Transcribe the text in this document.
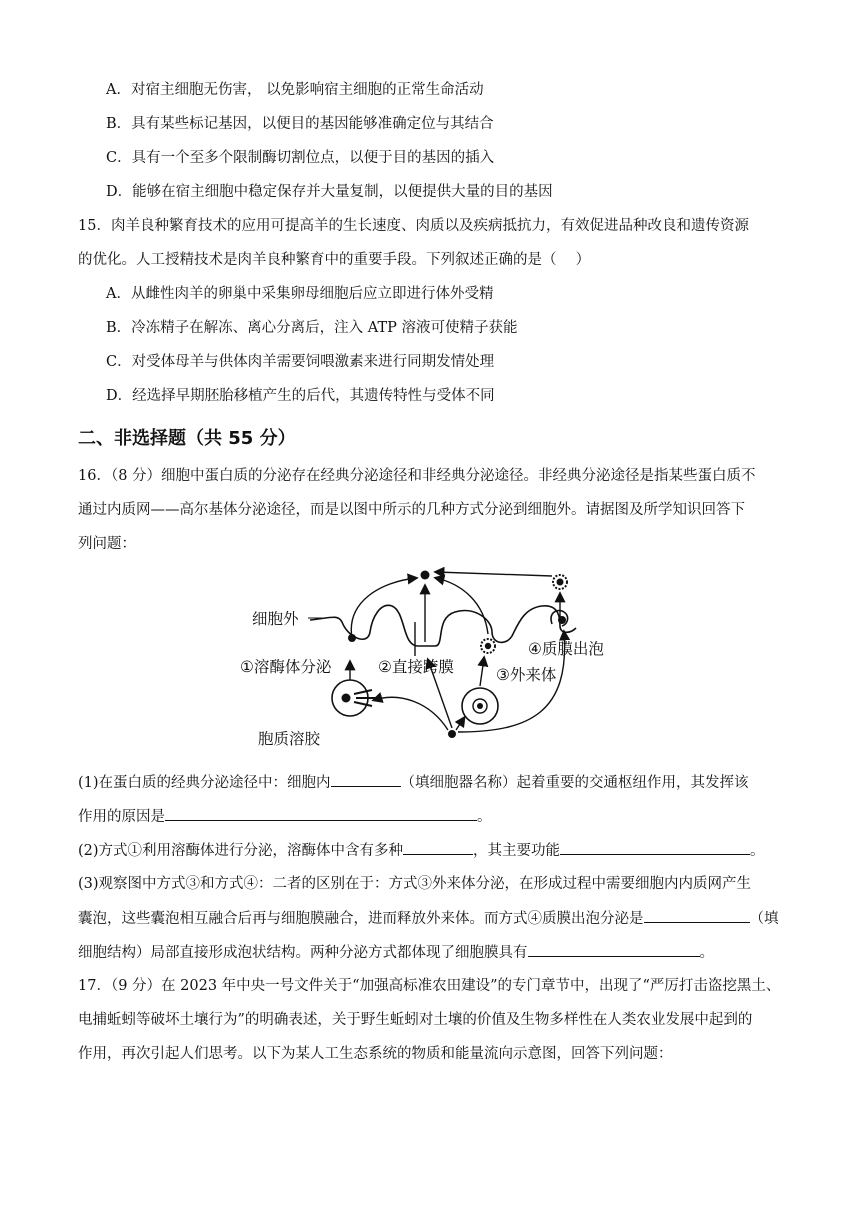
A．对宿主细胞无伤害， 以免影响宿主细胞的正常生命活动
B．具有某些标记基因，以便目的基因能够准确定位与其结合
C．具有一个至多个限制酶切割位点，以便于目的基因的插入
D．能够在宿主细胞中稳定保存并大量复制，以便提供大量的目的基因
15．肉羊良种繁育技术的应用可提高羊的生长速度、肉质以及疾病抵抗力，有效促进品种改良和遗传资源
的优化。人工授精技术是肉羊良种繁育中的重要手段。下列叙述正确的是（　 ）
A．从雌性肉羊的卵巢中采集卵母细胞后应立即进行体外受精
B．冷冻精子在解冻、离心分离后，注入 ATP 溶液可使精子获能
C．对受体母羊与供体肉羊需要饲喂激素来进行同期发情处理
D．经选择早期胚胎移植产生的后代，其遗传特性与受体不同
二、非选择题（共 55 分）
16．（8 分）细胞中蛋白质的分泌存在经典分泌途径和非经典分泌途径。非经典分泌途径是指某些蛋白质不
通过内质网——高尔基体分泌途径，而是以图中所示的几种方式分泌到细胞外。请据图及所学知识回答下
列问题：
细胞外
①溶酶体分泌	②直接跨膜	③外来体
④质膜出泡
胞质溶胶
(1)在蛋白质的经典分泌途径中：细胞内	（填细胞器名称）起着重要的交通枢纽作用，其发挥该
作用的原因是	。
(2)方式①利用溶酶体进行分泌，溶酶体中含有多种	，其主要功能	。
(3)观察图中方式③和方式④：二者的区别在于：方式③外来体分泌，在形成过程中需要细胞内内质网产生
囊泡，这些囊泡相互融合后再与细胞膜融合，进而释放外来体。而方式④质膜出泡分泌是	（填
细胞结构）局部直接形成泡状结构。两种分泌方式都体现了细胞膜具有	。
17．（9 分）在 2023 年中央一号文件关于“加强高标准农田建设”的专门章节中，出现了“严厉打击盗挖黑土、
电捕蚯蚓等破坏土壤行为”的明确表述，关于野生蚯蚓对土壤的价值及生物多样性在人类农业发展中起到的
作用，再次引起人们思考。以下为某人工生态系统的物质和能量流向示意图，回答下列问题：
